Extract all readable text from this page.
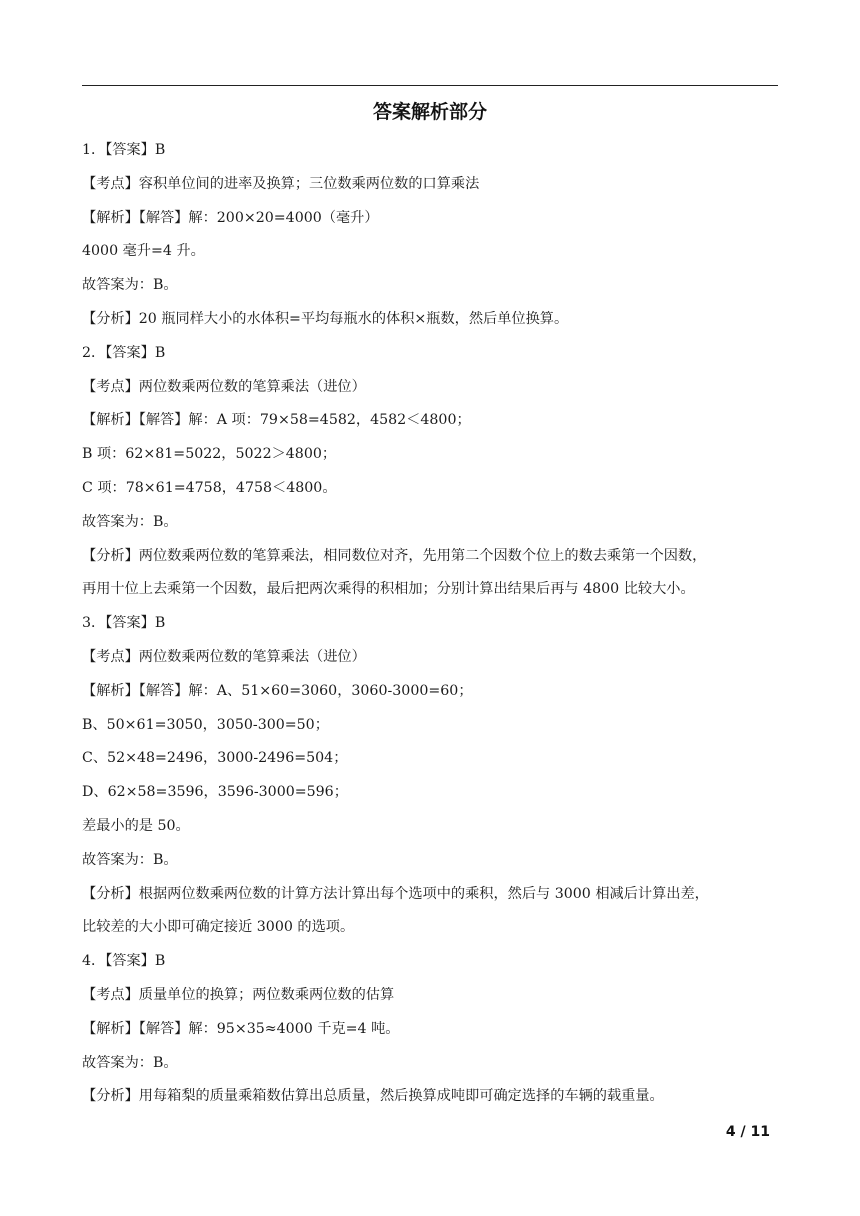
答案解析部分
1．【答案】B
【考点】容积单位间的进率及换算；三位数乘两位数的口算乘法
【解析】【解答】解：200×20=4000（毫升）
4000 毫升=4 升。
故答案为：B。
【分析】20 瓶同样大小的水体积=平均每瓶水的体积×瓶数，然后单位换算。
2．【答案】B
【考点】两位数乘两位数的笔算乘法（进位）
【解析】【解答】解：A 项：79×58=4582，4582＜4800；
B 项：62×81=5022，5022＞4800；
C 项：78×61=4758，4758＜4800。
故答案为：B。
【分析】两位数乘两位数的笔算乘法，相同数位对齐，先用第二个因数个位上的数去乘第一个因数，
再用十位上去乘第一个因数，最后把两次乘得的积相加；分别计算出结果后再与 4800 比较大小。
3．【答案】B
【考点】两位数乘两位数的笔算乘法（进位）
【解析】【解答】解：A、51×60=3060，3060-3000=60；
B、50×61=3050，3050-300=50；
C、52×48=2496，3000-2496=504；
D、62×58=3596，3596-3000=596；
差最小的是 50。
故答案为：B。
【分析】根据两位数乘两位数的计算方法计算出每个选项中的乘积，然后与 3000 相减后计算出差，
比较差的大小即可确定接近 3000 的选项。
4．【答案】B
【考点】质量单位的换算；两位数乘两位数的估算
【解析】【解答】解：95×35≈4000 千克=4 吨。
故答案为：B。
【分析】用每箱梨的质量乘箱数估算出总质量，然后换算成吨即可确定选择的车辆的载重量。
4 / 11
